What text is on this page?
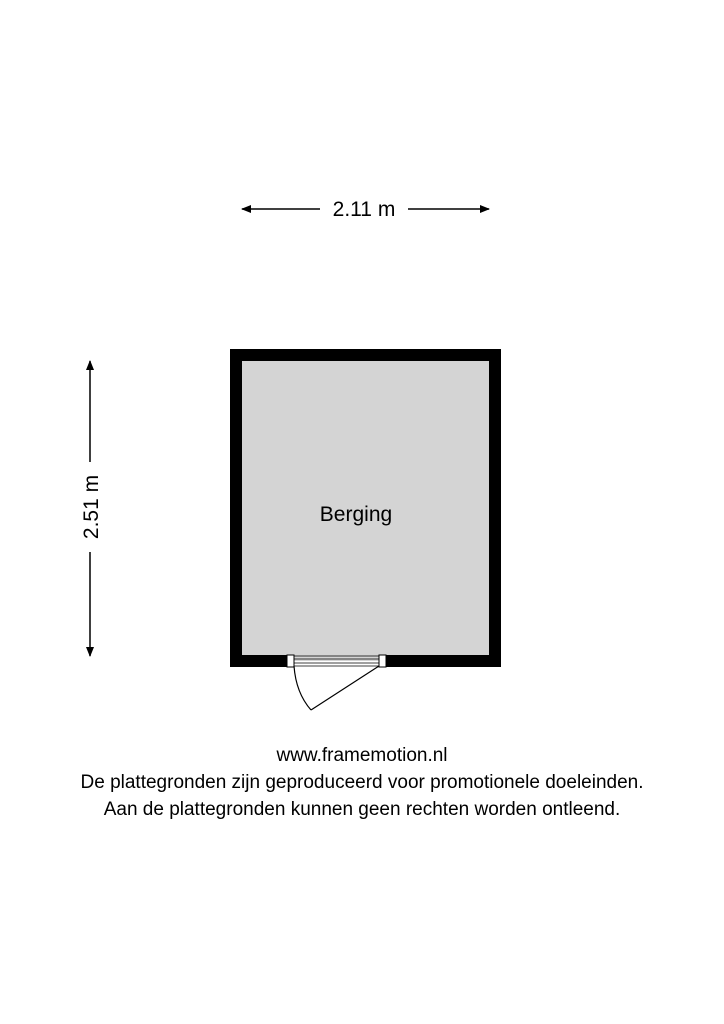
2.11 m
2.51 m	Berging
www.framemotion.nl
De plattegronden zijn geproduceerd voor promotionele doeleinden.
Aan de plattegronden kunnen geen rechten worden ontleend.
